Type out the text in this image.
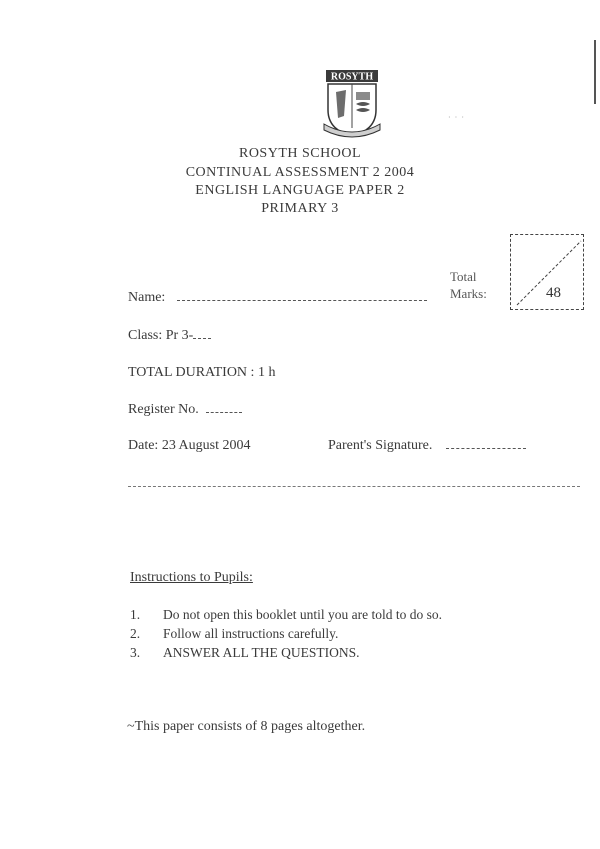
ROSYTH
· · ·
ROSYTH SCHOOL
CONTINUAL ASSESSMENT 2 2004
ENGLISH LANGUAGE PAPER 2
PRIMARY 3
Total
Marks:	48
Name:
Class: Pr 3-
TOTAL DURATION : 1 h
Register No.
Date: 23 August 2004	Parent's Signature.
Instructions to Pupils:
1. Do not open this booklet until you are told to do so.
2. Follow all instructions carefully.
3. ANSWER ALL THE QUESTIONS.
~This paper consists of 8 pages altogether.
